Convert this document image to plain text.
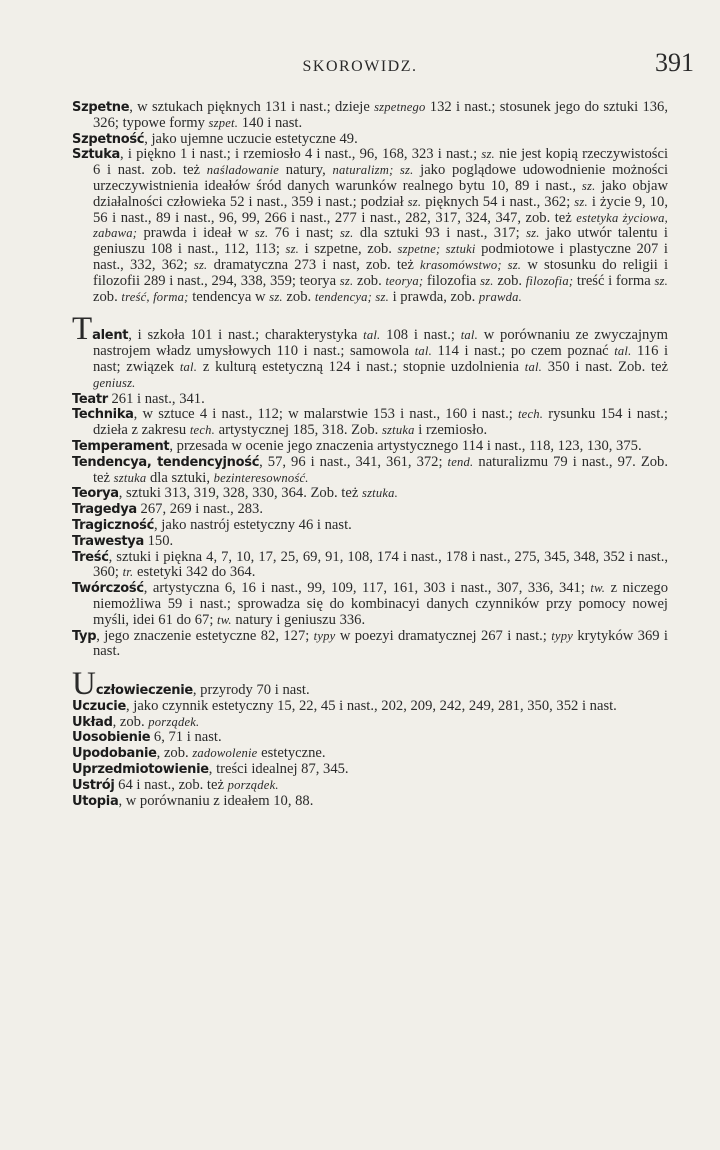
SKOROWIDZ.	391

Szpetne, w sztukach pięknych 131 i nast.; dzieje szpetnego 132 i nast.; stosunek jego do sztuki 136, 326; typowe formy szpet. 140 i nast.

Szpetność, jako ujemne uczucie estetyczne 49.

Sztuka, i piękno 1 i nast.; i rzemiosło 4 i nast., 96, 168, 323 i nast.; sz. nie jest kopią rzeczywistości 6 i nast. zob. też naśladowanie natury, naturalizm; sz. jako poglądowe udowodnienie możności urzeczywistnienia ideałów śród danych warunków realnego bytu 10, 89 i nast., sz. jako objaw działalności człowieka 52 i nast., 359 i nast.; podział sz. pięknych 54 i nast., 362; sz. i życie 9, 10, 56 i nast., 89 i nast., 96, 99, 266 i nast., 277 i nast., 282, 317, 324, 347, zob. też estetyka życiowa, zabawa; prawda i ideał w sz. 76 i nast; sz. dla sztuki 93 i nast., 317; sz. jako utwór talentu i geniuszu 108 i nast., 112, 113; sz. i szpetne, zob. szpetne; sztuki podmiotowe i plastyczne 207 i nast., 332, 362; sz. dramatyczna 273 i nast, zob. też krasomówstwo; sz. w stosunku do religii i filozofii 289 i nast., 294, 338, 359; teorya sz. zob. teorya; filozofia sz. zob. filozofia; treść i forma sz. zob. treść, forma; tendencya w sz. zob. tendencya; sz. i prawda, zob. prawda.

Talent, i szkoła 101 i nast.; charakterystyka tal. 108 i nast.; tal. w porównaniu ze zwyczajnym nastrojem władz umysłowych 110 i nast.; samowola tal. 114 i nast.; po czem poznać tal. 116 i nast; związek tal. z kulturą estetyczną 124 i nast.; stopnie uzdolnienia tal. 350 i nast. Zob. też geniusz.

Teatr 261 i nast., 341.

Technika, w sztuce 4 i nast., 112; w malarstwie 153 i nast., 160 i nast.; tech. rysunku 154 i nast.; dzieła z zakresu tech. artystycznej 185, 318. Zob. sztuka i rzemiosło.

Temperament, przesada w ocenie jego znaczenia artystycznego 114 i nast., 118, 123, 130, 375.

Tendencya, tendencyjność, 57, 96 i nast., 341, 361, 372; tend. naturalizmu 79 i nast., 97. Zob. też sztuka dla sztuki, bezinteresowność.

Teorya, sztuki 313, 319, 328, 330, 364. Zob. też sztuka.

Tragedya 267, 269 i nast., 283.

Tragiczność, jako nastrój estetyczny 46 i nast.

Trawestya 150.

Treść, sztuki i piękna 4, 7, 10, 17, 25, 69, 91, 108, 174 i nast., 178 i nast., 275, 345, 348, 352 i nast., 360; tr. estetyki 342 do 364.

Twórczość, artystyczna 6, 16 i nast., 99, 109, 117, 161, 303 i nast., 307, 336, 341; tw. z niczego niemożliwa 59 i nast.; sprowadza się do kombinacyi danych czynników przy pomocy nowej myśli, idei 61 do 67; tw. natury i geniuszu 336.

Typ, jego znaczenie estetyczne 82, 127; typy w poezyi dramatycznej 267 i nast.; typy krytyków 369 i nast.

Uczłowieczenie, przyrody 70 i nast.

Uczucie, jako czynnik estetyczny 15, 22, 45 i nast., 202, 209, 242, 249, 281, 350, 352 i nast.

Układ, zob. porządek.

Uosobienie 6, 71 i nast.

Upodobanie, zob. zadowolenie estetyczne.

Uprzedmiotowienie, treści idealnej 87, 345.

Ustrój 64 i nast., zob. też porządek.

Utopia, w porównaniu z ideałem 10, 88.
